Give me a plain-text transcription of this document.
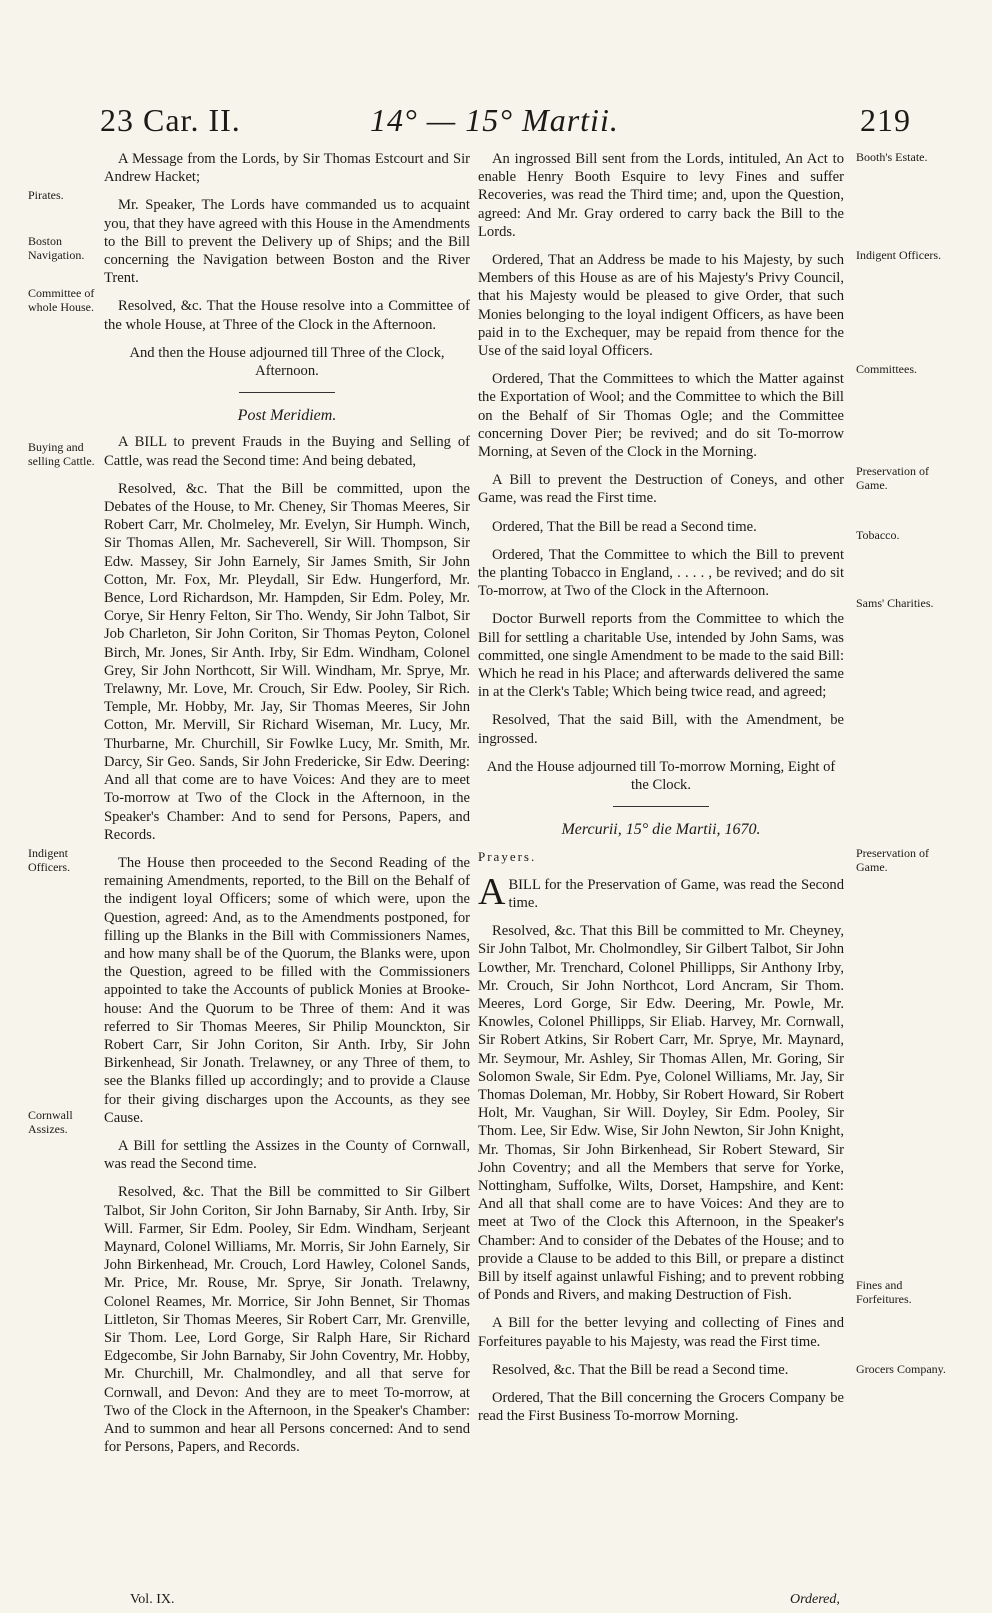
23 Car. II.	14° — 15° Martii.	219
Pirates.
Boston Navigation.
Committee of whole House.
Buying and selling Cattle.
Indigent Officers.
Cornwall Assizes.
Booth's Estate.
Indigent Officers.
Committees.
Preservation of Game.
Tobacco.
Sams' Charities.
Preservation of Game.
Fines and Forfeitures.
Grocers Company.

A Message from the Lords, by Sir Thomas Estcourt and Sir Andrew Hacket;

Mr. Speaker, The Lords have commanded us to acquaint you, that they have agreed with this House in the Amendments to the Bill to prevent the Delivery up of Ships; and the Bill concerning the Navigation between Boston and the River Trent.

Resolved, &c. That the House resolve into a Committee of the whole House, at Three of the Clock in the Afternoon.

And then the House adjourned till Three of the Clock, Afternoon.

Post Meridiem.

A BILL to prevent Frauds in the Buying and Selling of Cattle, was read the Second time: And being debated,

Resolved, &c. That the Bill be committed, upon the Debates of the House, to Mr. Cheney, Sir Thomas Meeres, Sir Robert Carr, Mr. Cholmeley, Mr. Evelyn, Sir Humph. Winch, Sir Thomas Allen, Mr. Sacheverell, Sir Will. Thompson, Sir Edw. Massey, Sir John Earnely, Sir James Smith, Sir John Cotton, Mr. Fox, Mr. Pleydall, Sir Edw. Hungerford, Mr. Bence, Lord Richardson, Mr. Hampden, Sir Edm. Poley, Mr. Corye, Sir Henry Felton, Sir Tho. Wendy, Sir John Talbot, Sir Job Charleton, Sir John Coriton, Sir Thomas Peyton, Colonel Birch, Mr. Jones, Sir Anth. Irby, Sir Edm. Windham, Colonel Grey, Sir John Northcott, Sir Will. Windham, Mr. Sprye, Mr. Trelawny, Mr. Love, Mr. Crouch, Sir Edw. Pooley, Sir Rich. Temple, Mr. Hobby, Mr. Jay, Sir Thomas Meeres, Sir John Cotton, Mr. Mervill, Sir Richard Wiseman, Mr. Lucy, Mr. Thurbarne, Mr. Churchill, Sir Fowlke Lucy, Mr. Smith, Mr. Darcy, Sir Geo. Sands, Sir John Fredericke, Sir Edw. Deering: And all that come are to have Voices: And they are to meet To-morrow at Two of the Clock in the Afternoon, in the Speaker's Chamber: And to send for Persons, Papers, and Records.

The House then proceeded to the Second Reading of the remaining Amendments, reported, to the Bill on the Behalf of the indigent loyal Officers; some of which were, upon the Question, agreed: And, as to the Amendments postponed, for filling up the Blanks in the Bill with Commissioners Names, and how many shall be of the Quorum, the Blanks were, upon the Question, agreed to be filled with the Commissioners appointed to take the Accounts of publick Monies at Brooke-house: And the Quorum to be Three of them: And it was referred to Sir Thomas Meeres, Sir Philip Mounckton, Sir Robert Carr, Sir John Coriton, Sir Anth. Irby, Sir John Birkenhead, Sir Jonath. Trelawney, or any Three of them, to see the Blanks filled up accordingly; and to provide a Clause for their giving discharges upon the Accounts, as they see Cause.

A Bill for settling the Assizes in the County of Cornwall, was read the Second time.

Resolved, &c. That the Bill be committed to Sir Gilbert Talbot, Sir John Coriton, Sir John Barnaby, Sir Anth. Irby, Sir Will. Farmer, Sir Edm. Pooley, Sir Edm. Windham, Serjeant Maynard, Colonel Williams, Mr. Morris, Sir John Earnely, Sir John Birkenhead, Mr. Crouch, Lord Hawley, Colonel Sands, Mr. Price, Mr. Rouse, Mr. Sprye, Sir Jonath. Trelawny, Colonel Reames, Mr. Morrice, Sir John Bennet, Sir Thomas Littleton, Sir Thomas Meeres, Sir Robert Carr, Mr. Grenville, Sir Thom. Lee, Lord Gorge, Sir Ralph Hare, Sir Richard Edgecombe, Sir John Barnaby, Sir John Coventry, Mr. Hobby, Mr. Churchill, Mr. Chalmondley, and all that serve for Cornwall, and Devon: And they are to meet To-morrow, at Two of the Clock in the Afternoon, in the Speaker's Chamber: And to summon and hear all Persons concerned: And to send for Persons, Papers, and Records.

An ingrossed Bill sent from the Lords, intituled, An Act to enable Henry Booth Esquire to levy Fines and suffer Recoveries, was read the Third time; and, upon the Question, agreed: And Mr. Gray ordered to carry back the Bill to the Lords.

Ordered, That an Address be made to his Majesty, by such Members of this House as are of his Majesty's Privy Council, that his Majesty would be pleased to give Order, that such Monies belonging to the loyal indigent Officers, as have been paid in to the Exchequer, may be repaid from thence for the Use of the said loyal Officers.

Ordered, That the Committees to which the Matter against the Exportation of Wool; and the Committee to which the Bill on the Behalf of Sir Thomas Ogle; and the Committee concerning Dover Pier; be revived; and do sit To-morrow Morning, at Seven of the Clock in the Morning.

A Bill to prevent the Destruction of Coneys, and other Game, was read the First time.

Ordered, That the Bill be read a Second time.

Ordered, That the Committee to which the Bill to prevent the planting Tobacco in England, . . . . , be revived; and do sit To-morrow, at Two of the Clock in the Afternoon.

Doctor Burwell reports from the Committee to which the Bill for settling a charitable Use, intended by John Sams, was committed, one single Amendment to be made to the said Bill: Which he read in his Place; and afterwards delivered the same in at the Clerk's Table; Which being twice read, and agreed;

Resolved, That the said Bill, with the Amendment, be ingrossed.

And the House adjourned till To-morrow Morning, Eight of the Clock.

Mercurii, 15° die Martii, 1670.

Prayers.

ABILL for the Preservation of Game, was read the Second time.

Resolved, &c. That this Bill be committed to Mr. Cheyney, Sir John Talbot, Mr. Cholmondley, Sir Gilbert Talbot, Sir John Lowther, Mr. Trenchard, Colonel Phillipps, Sir Anthony Irby, Mr. Crouch, Sir John Northcot, Lord Ancram, Sir Thom. Meeres, Lord Gorge, Sir Edw. Deering, Mr. Powle, Mr. Knowles, Colonel Phillipps, Sir Eliab. Harvey, Mr. Cornwall, Sir Robert Atkins, Sir Robert Carr, Mr. Sprye, Mr. Maynard, Mr. Seymour, Mr. Ashley, Sir Thomas Allen, Mr. Goring, Sir Solomon Swale, Sir Edm. Pye, Colonel Williams, Mr. Jay, Sir Thomas Doleman, Mr. Hobby, Sir Robert Howard, Sir Robert Holt, Mr. Vaughan, Sir Will. Doyley, Sir Edm. Pooley, Sir Thom. Lee, Sir Edw. Wise, Sir John Newton, Sir John Knight, Mr. Thomas, Sir John Birkenhead, Sir Robert Steward, Sir John Coventry; and all the Members that serve for Yorke, Nottingham, Suffolke, Wilts, Dorset, Hampshire, and Kent: And all that shall come are to have Voices: And they are to meet at Two of the Clock this Afternoon, in the Speaker's Chamber: And to consider of the Debates of the House; and to provide a Clause to be added to this Bill, or prepare a distinct Bill by itself against unlawful Fishing; and to prevent robbing of Ponds and Rivers, and making Destruction of Fish.

A Bill for the better levying and collecting of Fines and Forfeitures payable to his Majesty, was read the First time.

Resolved, &c. That the Bill be read a Second time.

Ordered, That the Bill concerning the Grocers Company be read the First Business To-morrow Morning.

Vol. IX.	Ordered,
